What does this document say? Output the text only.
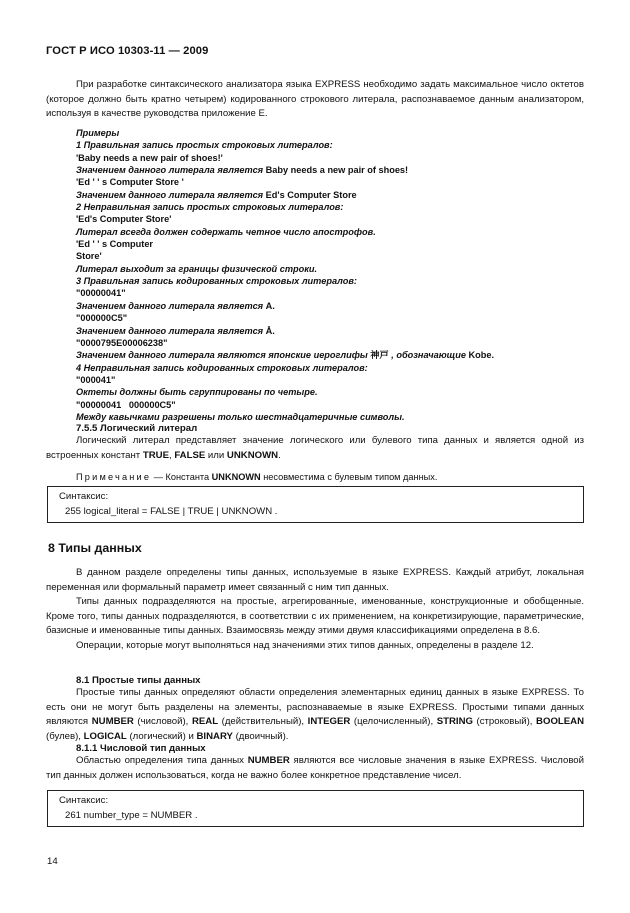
ГОСТ Р ИСО 10303-11 — 2009

При разработке синтаксического анализатора языка EXPRESS необходимо задать максимальное число октетов (которое должно быть кратно четырем) кодированного строкового литерала, распознаваемое данным анализатором, используя в качестве руководства приложение E.

Примеры
1 Правильная запись простых строковых литералов:
'Baby needs a new pair of shoes!'
Значением данного литерала является Baby needs a new pair of shoes!
'Ed ' ' s Computer Store '
Значением данного литерала является Ed's Computer Store
2 Неправильная запись простых строковых литералов:
'Ed's Computer Store'
Литерал всегда должен содержать четное число апострофов.
'Ed ' ' s Computer
Store'
Литерал выходит за границы физической строки.
3 Правильная запись кодированных строковых литералов:
"00000041"
Значением данного литерала является A.
"000000C5"
Значением данного литерала является Å.
"0000795E00006238"
Значением данного литерала являются японские иероглифы 神戸 , обозначающие Kobe.
4 Неправильная запись кодированных строковых литералов:
"000041"
Октеты должны быть сгруппированы по четыре.
"00000041   000000C5"
Между кавычками разрешены только шестнадцатеричные символы.
7.5.5 Логический литерал

Логический литерал представляет значение логического или булевого типа данных и является одной из встроенных констант TRUE, FALSE или UNKNOWN.

Примечание — Константа UNKNOWN несовместима с булевым типом данных.
Синтаксис:
255 logical_literal = FALSE | TRUE | UNKNOWN .
8 Типы данных

В данном разделе определены типы данных, используемые в языке EXPRESS. Каждый атрибут, локальная переменная или формальный параметр имеет связанный с ним тип данных.

Типы данных подразделяются на простые, агрегированные, именованные, конструкционные и обобщенные. Кроме того, типы данных подразделяются, в соответствии с их применением, на конкретизирующие, параметрические, базисные и именованные типы данных. Взаимосвязь между этими двумя классификациями определена в 8.6.

Операции, которые могут выполняться над значениями этих типов данных, определены в разделе 12.

8.1 Простые типы данных

Простые типы данных определяют области определения элементарных единиц данных в языке EXPRESS. То есть они не могут быть разделены на элементы, распознаваемые в языке EXPRESS. Простыми типами данных являются NUMBER (числовой), REAL (действительный), INTEGER (целочисленный), STRING (строковый), BOOLEAN (булев), LOGICAL (логический) и BINARY (двоичный).

8.1.1 Числовой тип данных

Областью определения типа данных NUMBER являются все числовые значения в языке EXPRESS. Числовой тип данных должен использоваться, когда не важно более конкретное представление чисел.

Синтаксис:
261 number_type = NUMBER .
14
